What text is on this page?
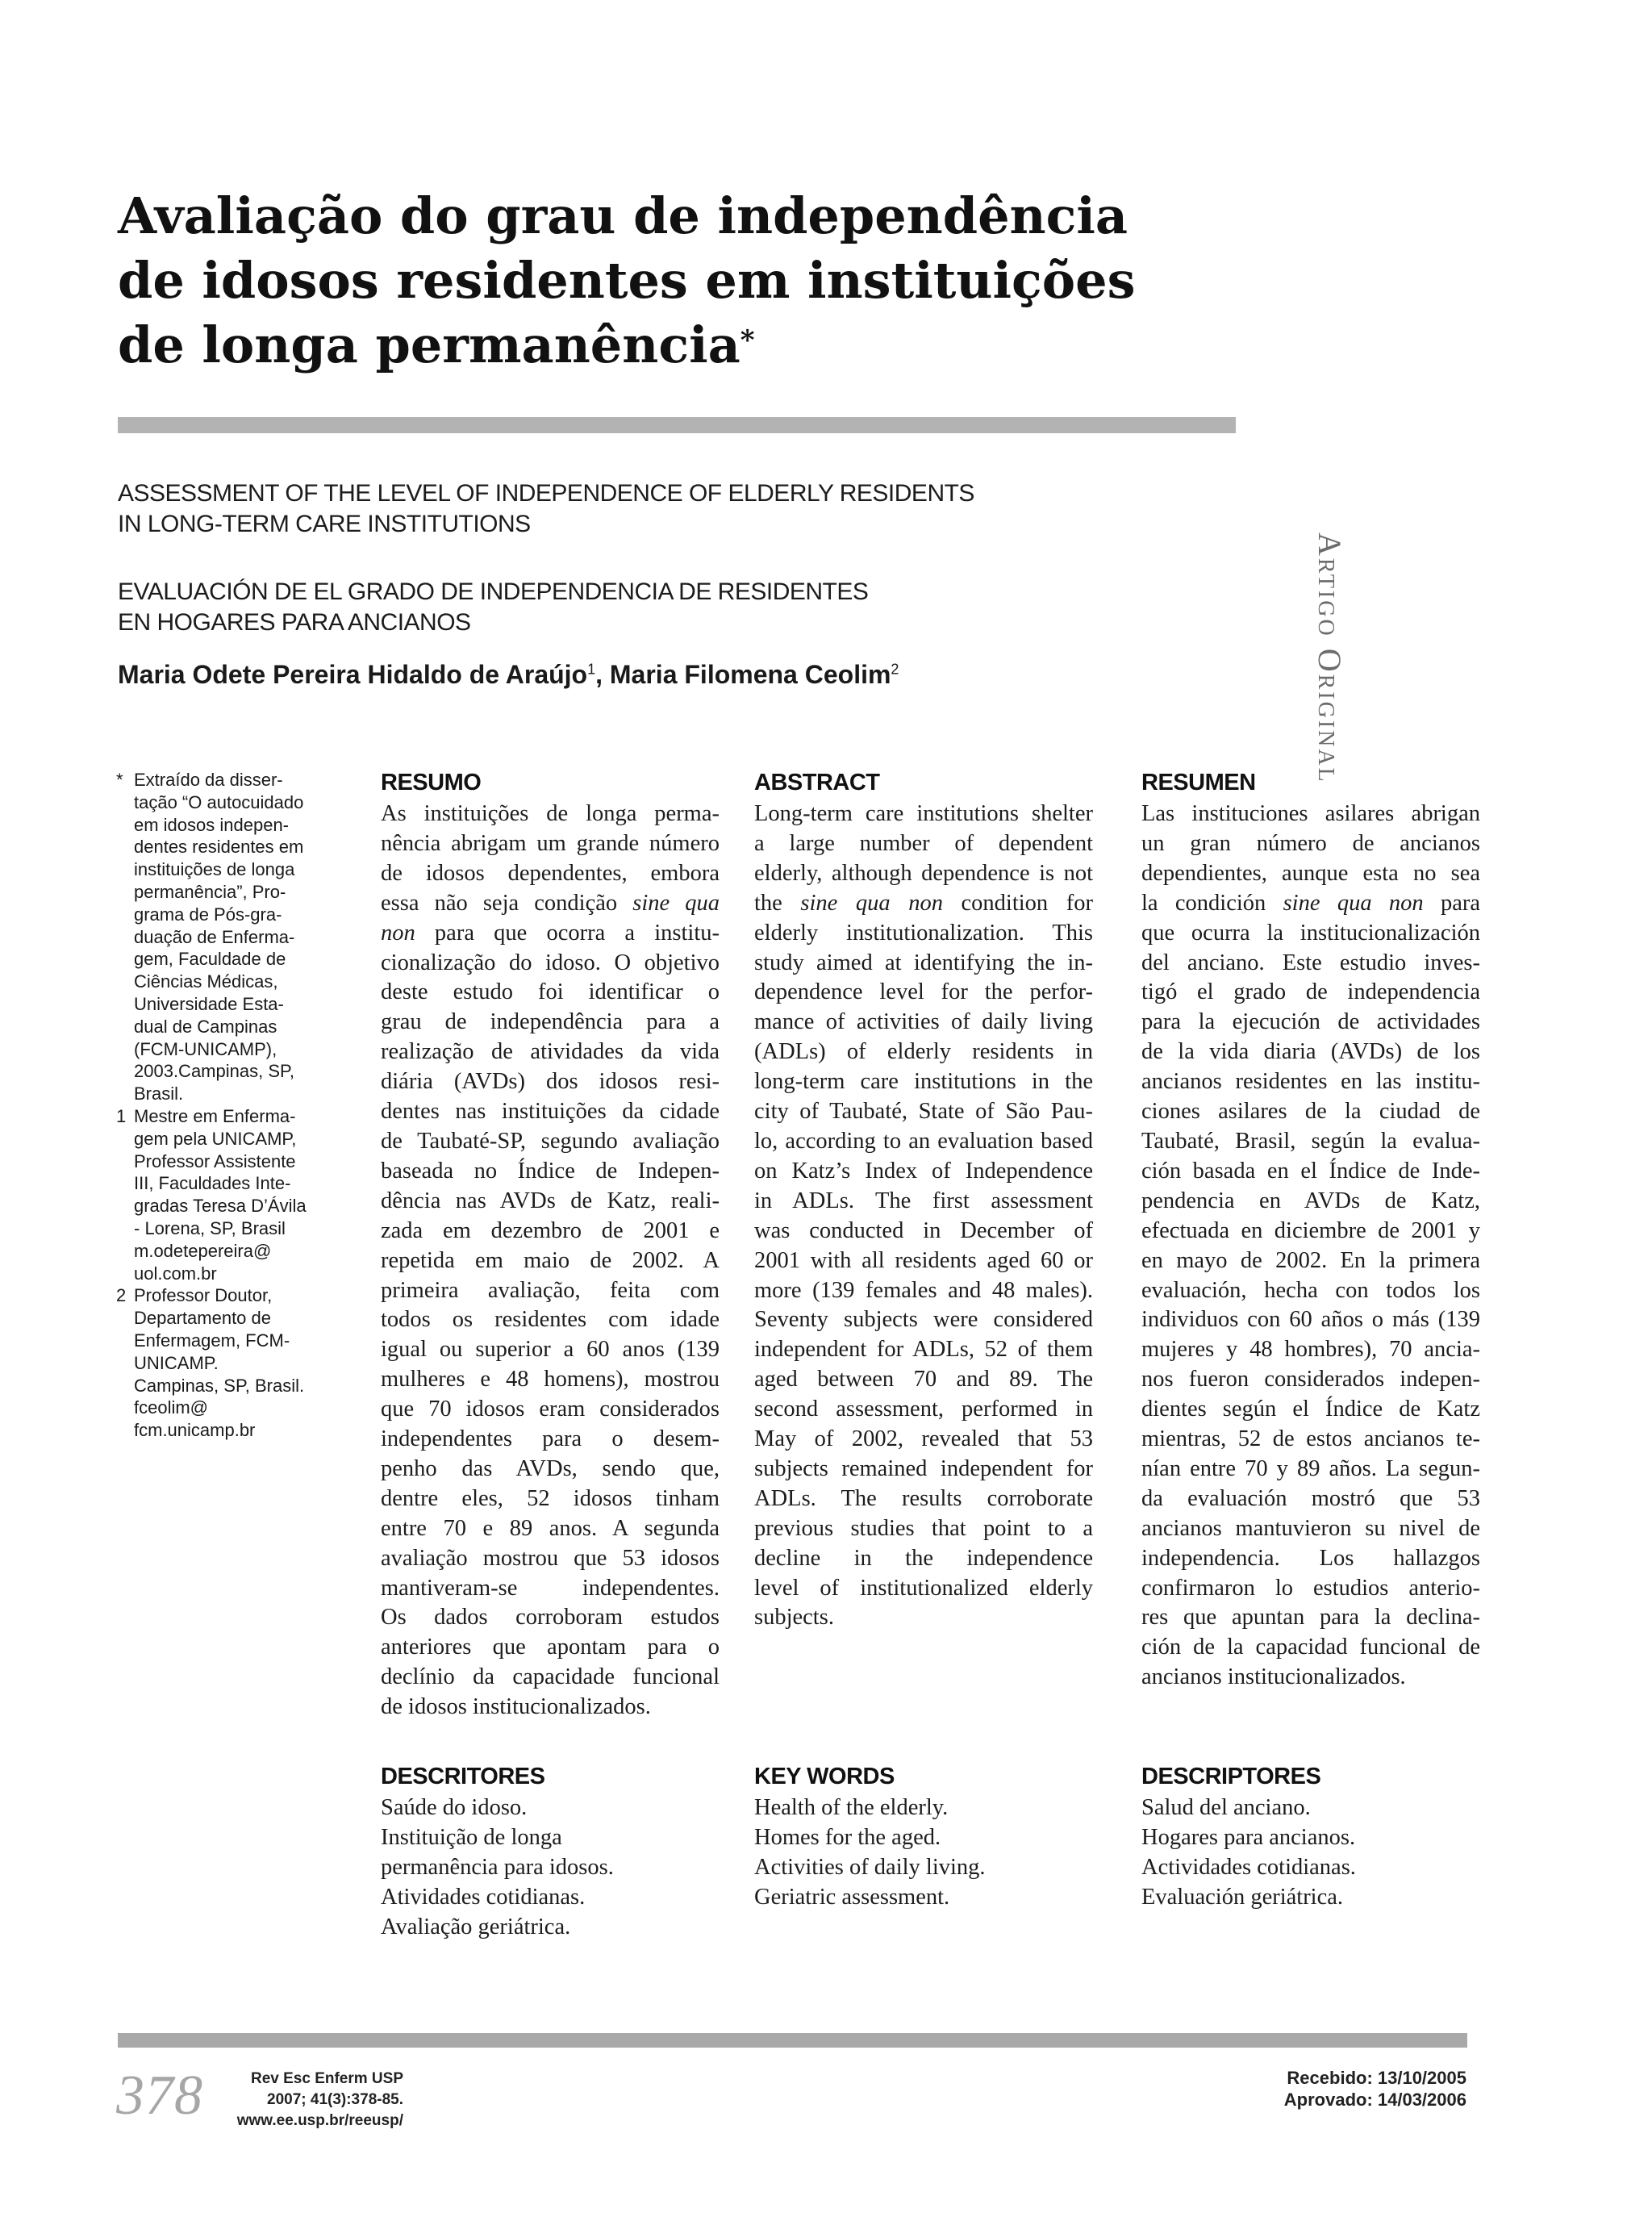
Avaliação do grau de independência
de idosos residentes em instituições
de longa permanência*
Artigo Original
ASSESSMENT OF THE LEVEL OF INDEPENDENCE OF ELDERLY RESIDENTS
IN LONG-TERM CARE INSTITUTIONS
EVALUACIÓN DE EL GRADO DE INDEPENDENCIA DE RESIDENTES
EN HOGARES PARA ANCIANOS
Maria Odete Pereira Hidaldo de Araújo$^1$, Maria Filomena Ceolim$^2$
* Extraído da disser-
tação “O autocuidado
em idosos indepen-
dentes residentes em
instituições de longa
permanência”, Pro-
grama de Pós-gra-
duação de Enferma-
gem, Faculdade de
Ciências Médicas,
Universidade Esta-
dual de Campinas
(FCM-UNICAMP),
2003.Campinas, SP,
Brasil.
1 Mestre em Enferma-
gem pela UNICAMP,
Professor Assistente
III, Faculdades Inte-
gradas Teresa D’Ávila
- Lorena, SP, Brasil
m.odetepereira@
uol.com.br
2 Professor Doutor,
Departamento de
Enfermagem, FCM-
UNICAMP.
Campinas, SP, Brasil.
fceolim@
fcm.unicamp.br
RESUMO
As instituições de longa perma-
nência abrigam um grande número
de idosos dependentes, embora
essa não seja condição sine qua
non para que ocorra a institu-
cionalização do idoso. O objetivo
deste estudo foi identificar o
grau de independência para a
realização de atividades da vida
diária (AVDs) dos idosos resi-
dentes nas instituições da cidade
de Taubaté-SP, segundo avaliação
baseada no Índice de Indepen-
dência nas AVDs de Katz, reali-
zada em dezembro de 2001 e
repetida em maio de 2002. A
primeira avaliação, feita com
todos os residentes com idade
igual ou superior a 60 anos (139
mulheres e 48 homens), mostrou
que 70 idosos eram considerados
independentes para o desem-
penho das AVDs, sendo que,
dentre eles, 52 idosos tinham
entre 70 e 89 anos. A segunda
avaliação mostrou que 53 idosos
mantiveram-se independentes.
Os dados corroboram estudos
anteriores que apontam para o
declínio da capacidade funcional
de idosos institucionalizados.
ABSTRACT
Long-term care institutions shelter
a large number of dependent
elderly, although dependence is not
the sine qua non condition for
elderly institutionalization. This
study aimed at identifying the in-
dependence level for the perfor-
mance of activities of daily living
(ADLs) of elderly residents in
long-term care institutions in the
city of Taubaté, State of São Pau-
lo, according to an evaluation based
on Katz’s Index of Independence
in ADLs. The first assessment
was conducted in December of
2001 with all residents aged 60 or
more (139 females and 48 males).
Seventy subjects were considered
independent for ADLs, 52 of them
aged between 70 and 89. The
second assessment, performed in
May of 2002, revealed that 53
subjects remained independent for
ADLs. The results corroborate
previous studies that point to a
decline in the independence
level of institutionalized elderly
subjects.
RESUMEN
Las instituciones asilares abrigan
un gran número de ancianos
dependientes, aunque esta no sea
la condición sine qua non para
que ocurra la institucionalización
del anciano. Este estudio inves-
tigó el grado de independencia
para la ejecución de actividades
de la vida diaria (AVDs) de los
ancianos residentes en las institu-
ciones asilares de la ciudad de
Taubaté, Brasil, según la evalua-
ción basada en el Índice de Inde-
pendencia en AVDs de Katz,
efectuada en diciembre de 2001 y
en mayo de 2002. En la primera
evaluación, hecha con todos los
individuos con 60 años o más (139
mujeres y 48 hombres), 70 ancia-
nos fueron considerados indepen-
dientes según el Índice de Katz
mientras, 52 de estos ancianos te-
nían entre 70 y 89 años. La segun-
da evaluación mostró que 53
ancianos mantuvieron su nivel de
independencia. Los hallazgos
confirmaron lo estudios anterio-
res que apuntan para la declina-
ción de la capacidad funcional de
ancianos institucionalizados.
DESCRITORES
Saúde do idoso.
Instituição de longa
permanência para idosos.
Atividades cotidianas.
Avaliação geriátrica.
KEY WORDS
Health of the elderly.
Homes for the aged.
Activities of daily living.
Geriatric assessment.
DESCRIPTORES
Salud del anciano.
Hogares para ancianos.
Actividades cotidianas.
Evaluación geriátrica.
378	Rev Esc Enferm USP
2007; 41(3):378-85.
www.ee.usp.br/reeusp/
Recebido: 13/10/2005
Aprovado: 14/03/2006
